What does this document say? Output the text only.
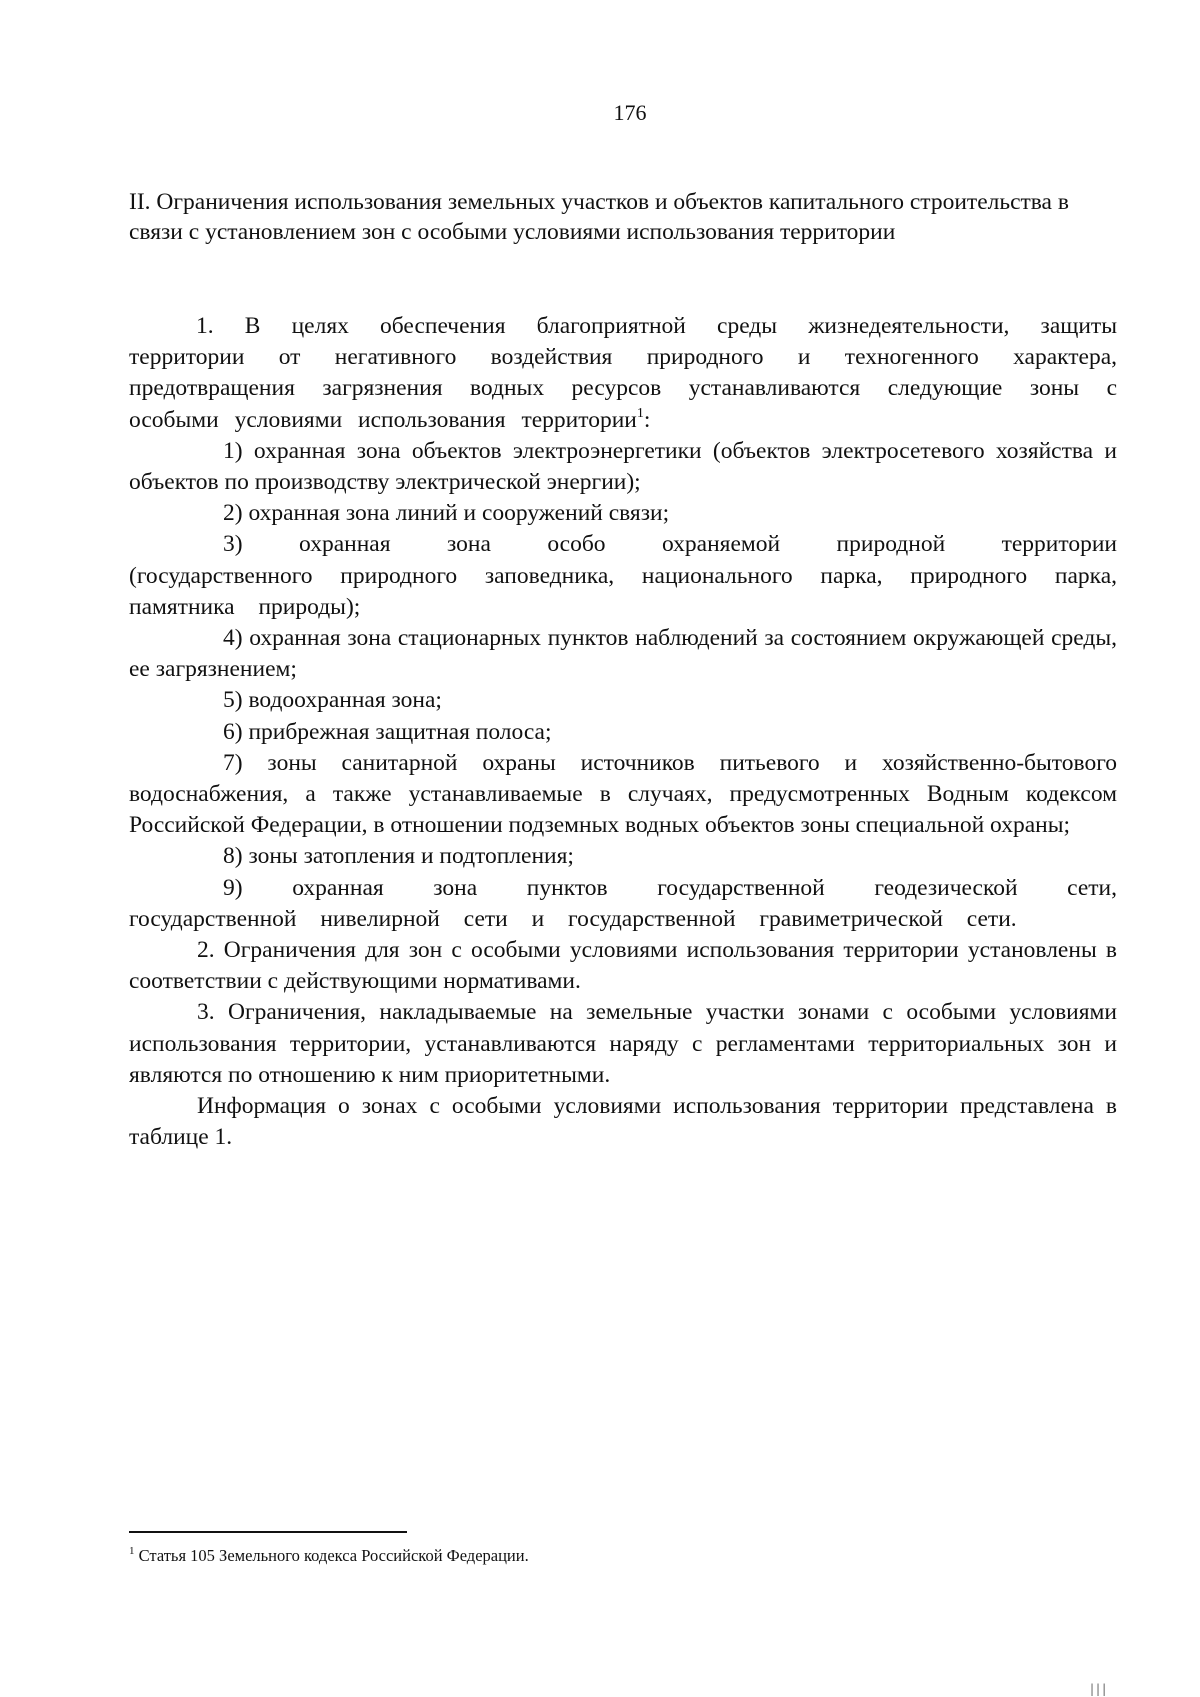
176
II. Ограничения использования земельных участков и объектов капитального строительства в связи с установлением зон с особыми условиями использования территории

1. В целях обеспечения благоприятной среды жизнедеятельности, защиты территории от негативного воздействия природного и техногенного характера, предотвращения загрязнения водных ресурсов устанавливаются следующие зоны с особыми условиями использования территории$^1$:

1) охранная зона объектов электроэнергетики (объектов электросетевого хозяйства и объектов по производству электрической энергии);

2) охранная зона линий и сооружений связи;

3) охранная зона особо охраняемой природной территории (государственного природного заповедника, национального парка, природного парка, памятника природы);

4) охранная зона стационарных пунктов наблюдений за состоянием окружающей среды, ее загрязнением;

5) водоохранная зона;

6) прибрежная защитная полоса;

7) зоны санитарной охраны источников питьевого и хозяйственно-бытового водоснабжения, а также устанавливаемые в случаях, предусмотренных Водным кодексом Российской Федерации, в отношении подземных водных объектов зоны специальной охраны;

8) зоны затопления и подтопления;

9) охранная зона пунктов государственной геодезической сети, государственной нивелирной сети и государственной гравиметрической сети.

2. Ограничения для зон с особыми условиями использования территории установлены в соответствии с действующими нормативами.

3. Ограничения, накладываемые на земельные участки зонами с особыми условиями использования территории, устанавливаются наряду с регламентами территориальных зон и являются по отношению к ним приоритетными.

Информация о зонах с особыми условиями использования территории представлена в таблице 1.

$^1$ Статья 105 Земельного кодекса Российской Федерации.
|||
